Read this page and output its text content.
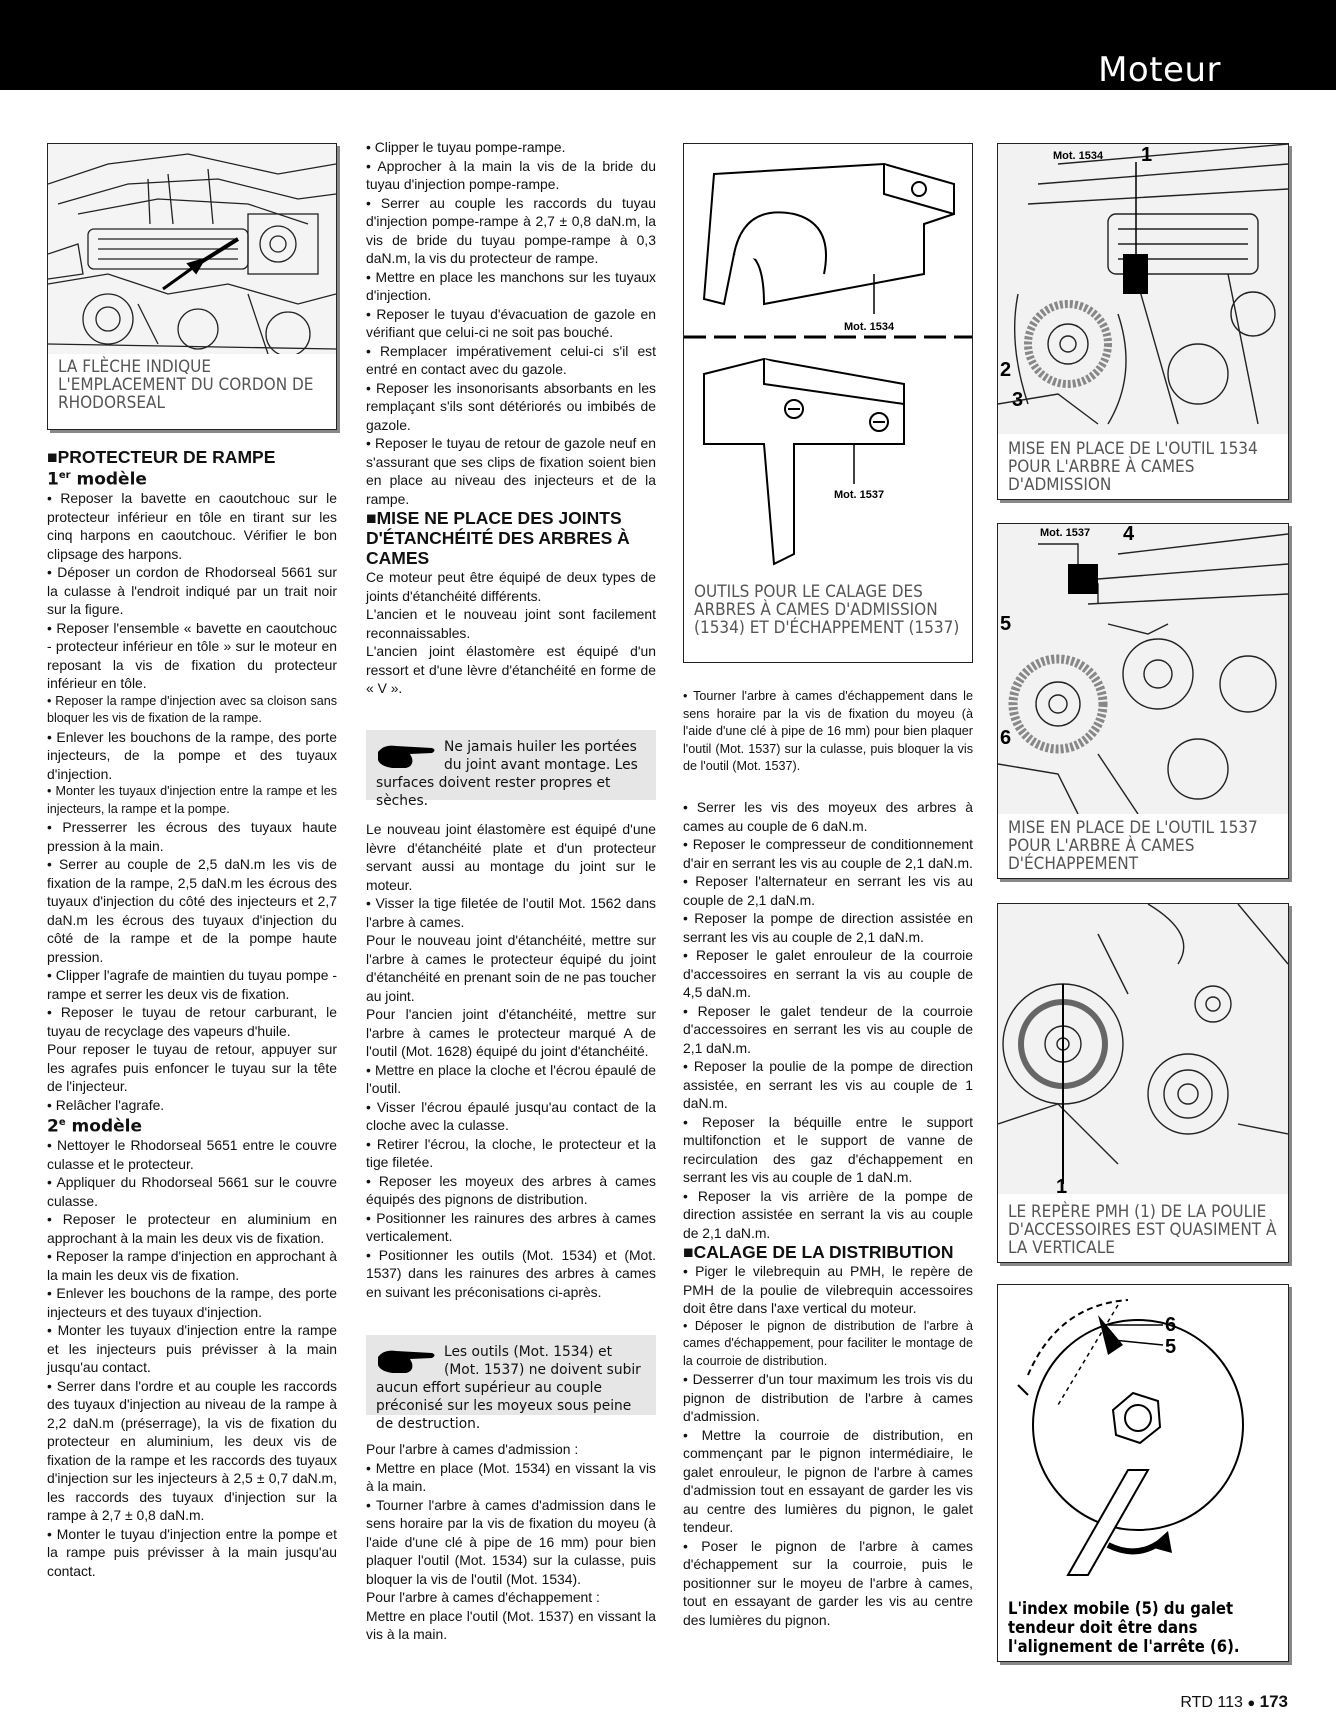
Moteur
LA FLÈCHE INDIQUE L'EMPLACEMENT DU CORDON DE RHODORSEAL

■PROTECTEUR DE RAMPE

1er modèle

• Reposer la bavette en caoutchouc sur le protecteur inférieur en tôle en tirant sur les cinq harpons en caoutchouc. Vérifier le bon clipsage des harpons.

• Déposer un cordon de Rhodorseal 5661 sur la culasse à l'endroit indiqué par un trait noir sur la figure.

• Reposer l'ensemble « bavette en caoutchouc - protecteur inférieur en tôle » sur le moteur en reposant la vis de fixation du protecteur inférieur en tôle.

• Reposer la rampe d'injection avec sa cloison sans bloquer les vis de fixation de la rampe.

• Enlever les bouchons de la rampe, des porte injecteurs, de la pompe et des tuyaux d'injection.

• Monter les tuyaux d'injection entre la rampe et les injecteurs, la rampe et la pompe.

• Presserrer les écrous des tuyaux haute pression à la main.

• Serrer au couple de 2,5 daN.m les vis de fixation de la rampe, 2,5 daN.m les écrous des tuyaux d'injection du côté des injecteurs et 2,7 daN.m les écrous des tuyaux d'injection du côté de la rampe et de la pompe haute pression.

• Clipper l'agrafe de maintien du tuyau pompe - rampe et serrer les deux vis de fixation.

• Reposer le tuyau de retour carburant, le tuyau de recyclage des vapeurs d'huile.

Pour reposer le tuyau de retour, appuyer sur les agrafes puis enfoncer le tuyau sur la tête de l'injecteur.

• Relâcher l'agrafe.

2e modèle

• Nettoyer le Rhodorseal 5651 entre le couvre culasse et le protecteur.

• Appliquer du Rhodorseal 5661 sur le couvre culasse.

• Reposer le protecteur en aluminium en approchant à la main les deux vis de fixation.

• Reposer la rampe d'injection en approchant à la main les deux vis de fixation.

• Enlever les bouchons de la rampe, des porte injecteurs et des tuyaux d'injection.

• Monter les tuyaux d'injection entre la rampe et les injecteurs puis prévisser à la main jusqu'au contact.

• Serrer dans l'ordre et au couple les raccords des tuyaux d'injection au niveau de la rampe à 2,2 daN.m (préserrage), la vis de fixation du protecteur en aluminium, les deux vis de fixation de la rampe et les raccords des tuyaux d'injection sur les injecteurs à 2,5 ± 0,7 daN.m, les raccords des tuyaux d'injection sur la rampe à 2,7 ± 0,8 daN.m.

• Monter le tuyau d'injection entre la pompe et la rampe puis prévisser à la main jusqu'au contact.

• Clipper le tuyau pompe-rampe.

• Approcher à la main la vis de la bride du tuyau d'injection pompe-rampe.

• Serrer au couple les raccords du tuyau d'injection pompe-rampe à 2,7 ± 0,8 daN.m, la vis de bride du tuyau pompe-rampe à 0,3 daN.m, la vis du protecteur de rampe.

• Mettre en place les manchons sur les tuyaux d'injection.

• Reposer le tuyau d'évacuation de gazole en vérifiant que celui-ci ne soit pas bouché.

• Remplacer impérativement celui-ci s'il est entré en contact avec du gazole.

• Reposer les insonorisants absorbants en les remplaçant s'ils sont détériorés ou imbibés de gazole.

• Reposer le tuyau de retour de gazole neuf en s'assurant que ses clips de fixation soient bien en place au niveau des injecteurs et de la rampe.

■MISE NE PLACE DES JOINTS D'ÉTANCHÉITÉ DES ARBRES À CAMES

Ce moteur peut être équipé de deux types de joints d'étanchéité différents.

L'ancien et le nouveau joint sont facilement reconnaissables.

L'ancien joint élastomère est équipé d'un ressort et d'une lèvre d'étanchéité en forme de « V ».

Ne jamais huiler les portées du joint avant montage. Les surfaces doivent rester propres et sèches.

Le nouveau joint élastomère est équipé d'une lèvre d'étanchéité plate et d'un protecteur servant aussi au montage du joint sur le moteur.

• Visser la tige filetée de l'outil Mot. 1562 dans l'arbre à cames.

Pour le nouveau joint d'étanchéité, mettre sur l'arbre à cames le protecteur équipé du joint d'étanchéité en prenant soin de ne pas toucher au joint.

Pour l'ancien joint d'étanchéité, mettre sur l'arbre à cames le protecteur marqué A de l'outil (Mot. 1628) équipé du joint d'étanchéité.

• Mettre en place la cloche et l'écrou épaulé de l'outil.

• Visser l'écrou épaulé jusqu'au contact de la cloche avec la culasse.

• Retirer l'écrou, la cloche, le protecteur et la tige filetée.

• Reposer les moyeux des arbres à cames équipés des pignons de distribution.

• Positionner les rainures des arbres à cames verticalement.

• Positionner les outils (Mot. 1534) et (Mot. 1537) dans les rainures des arbres à cames en suivant les préconisations ci-après.

Les outils (Mot. 1534) et (Mot. 1537) ne doivent subir aucun effort supérieur au couple préconisé sur les moyeux sous peine de destruction.

Pour l'arbre à cames d'admission :

• Mettre en place (Mot. 1534) en vissant la vis à la main.

• Tourner l'arbre à cames d'admission dans le sens horaire par la vis de fixation du moyeu (à l'aide d'une clé à pipe de 16 mm) pour bien plaquer l'outil (Mot. 1534) sur la culasse, puis bloquer la vis de l'outil (Mot. 1534).

Pour l'arbre à cames d'échappement :

Mettre en place l'outil (Mot. 1537) en vissant la vis à la main.

Mot. 1534
Mot. 1537
OUTILS POUR LE CALAGE DES ARBRES À CAMES D'ADMISSION (1534) ET D'ÉCHAPPEMENT (1537)

• Tourner l'arbre à cames d'échappement dans le sens horaire par la vis de fixation du moyeu (à l'aide d'une clé à pipe de 16 mm) pour bien plaquer l'outil (Mot. 1537) sur la culasse, puis bloquer la vis de l'outil (Mot. 1537).

• Serrer les vis des moyeux des arbres à cames au couple de 6 daN.m.

• Reposer le compresseur de conditionnement d'air en serrant les vis au couple de 2,1 daN.m.

• Reposer l'alternateur en serrant les vis au couple de 2,1 daN.m.

• Reposer la pompe de direction assistée en serrant les vis au couple de 2,1 daN.m.

• Reposer le galet enrouleur de la courroie d'accessoires en serrant la vis au couple de 4,5 daN.m.

• Reposer le galet tendeur de la courroie d'accessoires en serrant les vis au couple de 2,1 daN.m.

• Reposer la poulie de la pompe de direction assistée, en serrant les vis au couple de 1 daN.m.

• Reposer la béquille entre le support multifonction et le support de vanne de recirculation des gaz d'échappement en serrant les vis au couple de 1 daN.m.

• Reposer la vis arrière de la pompe de direction assistée en serrant la vis au couple de 2,1 daN.m.

■CALAGE DE LA DISTRIBUTION

• Piger le vilebrequin au PMH, le repère de PMH de la poulie de vilebrequin accessoires doit être dans l'axe vertical du moteur.

• Déposer le pignon de distribution de l'arbre à cames d'échappement, pour faciliter le montage de la courroie de distribution.

• Desserrer d'un tour maximum les trois vis du pignon de distribution de l'arbre à cames d'admission.

• Mettre la courroie de distribution, en commençant par le pignon intermédiaire, le galet enrouleur, le pignon de l'arbre à cames d'admission tout en essayant de garder les vis au centre des lumières du pignon, le galet tendeur.

• Poser le pignon de l'arbre à cames d'échappement sur la courroie, puis le positionner sur le moyeu de l'arbre à cames, tout en essayant de garder les vis au centre des lumières du pignon.

Mot. 1534 1
2
3
MISE EN PLACE DE L'OUTIL 1534 POUR L'ARBRE À CAMES D'ADMISSION
Mot. 1537 4
5
6
MISE EN PLACE DE L'OUTIL 1537 POUR L'ARBRE À CAMES D'ÉCHAPPEMENT
1
LE REPÈRE PMH (1) DE LA POULIE D'ACCESSOIRES EST QUASIMENT À LA VERTICALE
6
5
L'index mobile (5) du galet tendeur doit être dans l'alignement de l'arrête (6).
RTD 113 ● 173
